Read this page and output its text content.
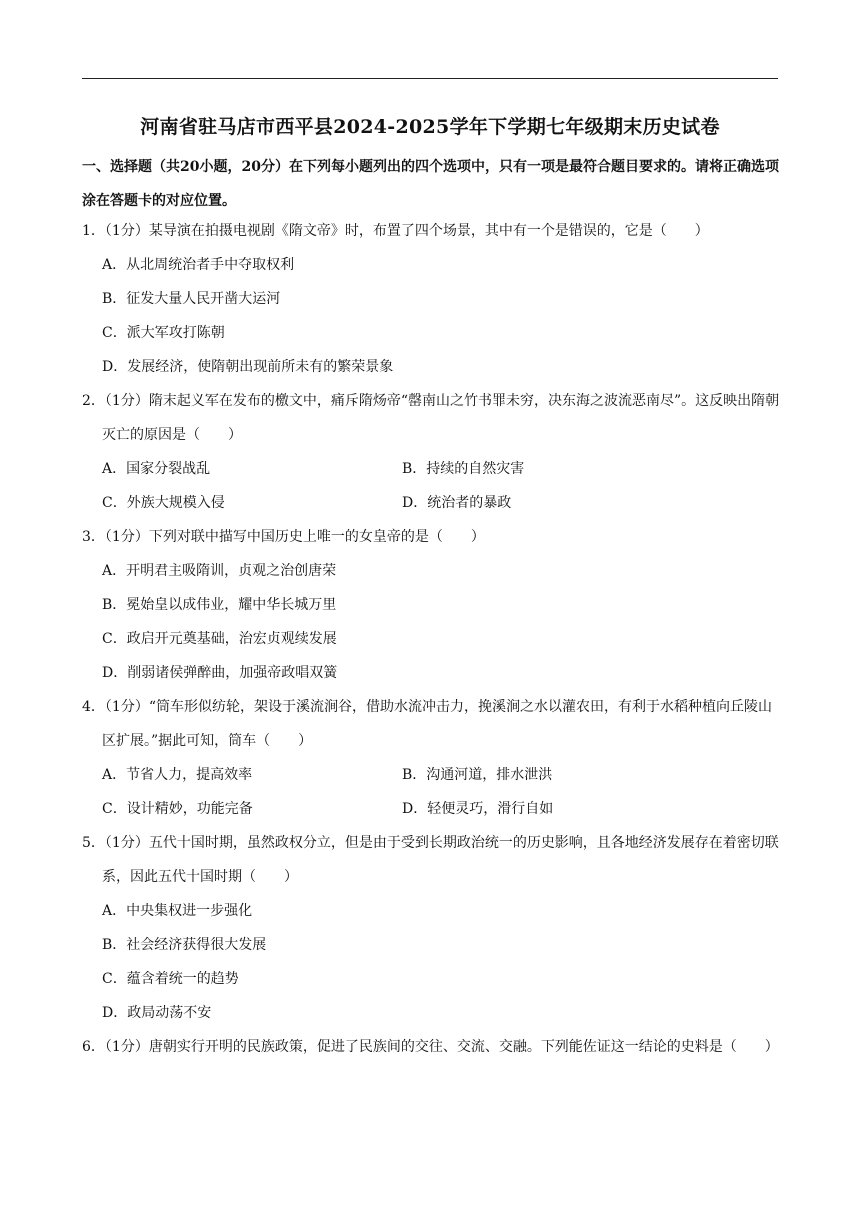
河南省驻马店市西平县2024-2025学年下学期七年级期末历史试卷

一、选择题（共20小题，20分）在下列每小题列出的四个选项中，只有一项是最符合题目要求的。请将正确选项涂在答题卡的对应位置。

1．（1分）某导演在拍摄电视剧《隋文帝》时，布置了四个场景，其中有一个是错误的，它是（　　）
A．从北周统治者手中夺取权利
B．征发大量人民开凿大运河
C．派大军攻打陈朝
D．发展经济，使隋朝出现前所未有的繁荣景象
2．（1分）隋末起义军在发布的檄文中，痛斥隋炀帝“罄南山之竹书罪未穷，决东海之波流恶南尽”。这反映出隋朝灭亡的原因是（　　）
A．国家分裂战乱	B．持续的自然灾害
C．外族大规模入侵	D．统治者的暴政
3．（1分）下列对联中描写中国历史上唯一的女皇帝的是（　　）
A．开明君主吸隋训，贞观之治创唐荣
B．冕始皇以成伟业，耀中华长城万里
C．政启开元奠基础，治宏贞观续发展
D．削弱诸侯弹醉曲，加强帝政唱双簧
4．（1分）“筒车形似纺轮，架设于溪流涧谷，借助水流冲击力，挽溪涧之水以灌农田，有利于水稻种植向丘陵山区扩展。”据此可知，筒车（　　）
A．节省人力，提高效率	B．沟通河道，排水泄洪
C．设计精妙，功能完备	D．轻便灵巧，滑行自如
5．（1分）五代十国时期，虽然政权分立，但是由于受到长期政治统一的历史影响，且各地经济发展存在着密切联系，因此五代十国时期（　　）
A．中央集权进一步强化
B．社会经济获得很大发展
C．蕴含着统一的趋势
D．政局动荡不安
6．（1分）唐朝实行开明的民族政策，促进了民族间的交往、交流、交融。下列能佐证这一结论的史料是（　　）
